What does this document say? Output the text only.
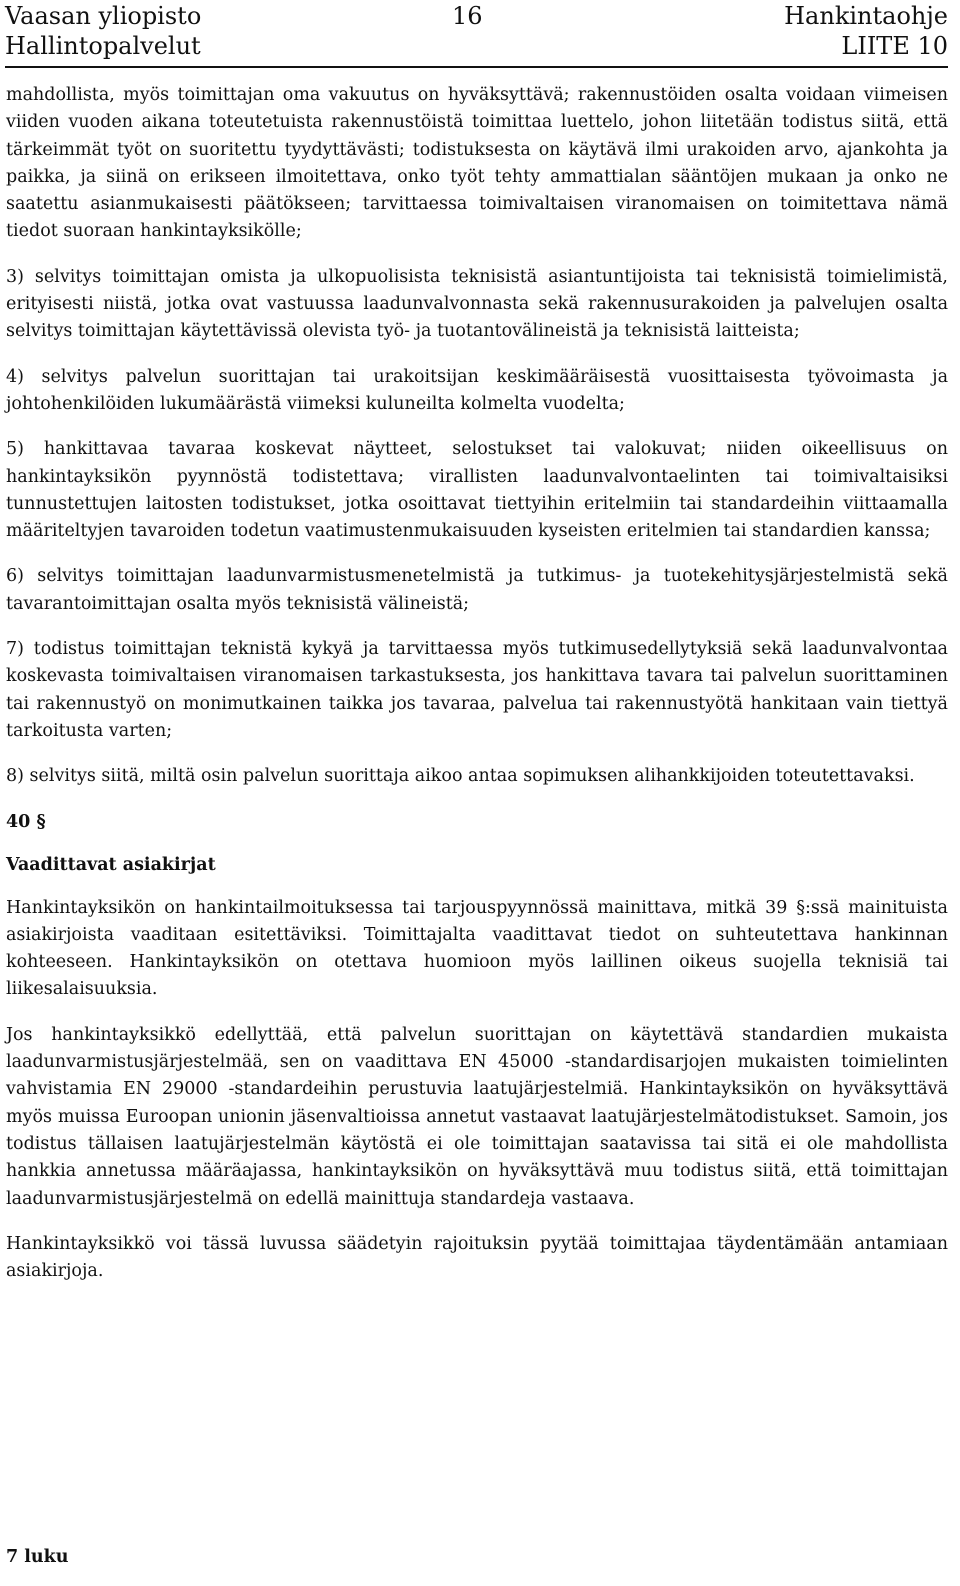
Vaasan yliopisto	16	Hankintaohje
Hallintopalvelut	LIITE 10

mahdollista, myös toimittajan oma vakuutus on hyväksyttävä; rakennustöiden osalta voidaan viimeisen viiden vuoden aikana toteutetuista rakennustöistä toimittaa luettelo, johon liitetään todistus siitä, että tärkeimmät työt on suoritettu tyydyttävästi; todistuksesta on käytävä ilmi urakoiden arvo, ajankohta ja paikka, ja siinä on erikseen ilmoitettava, onko työt tehty ammattialan sääntöjen mukaan ja onko ne saatettu asianmukaisesti päätökseen; tarvittaessa toimivaltaisen viranomaisen on toimitettava nämä tiedot suoraan hankintayksikölle;

3) selvitys toimittajan omista ja ulkopuolisista teknisistä asiantuntijoista tai teknisistä toimielimistä, erityisesti niistä, jotka ovat vastuussa laadunvalvonnasta sekä rakennusurakoiden ja palvelujen osalta selvitys toimittajan käytettävissä olevista työ- ja tuotantovälineistä ja teknisistä laitteista;

4) selvitys palvelun suorittajan tai urakoitsijan keskimääräisestä vuosittaisesta työvoimasta ja johtohenkilöiden lukumäärästä viimeksi kuluneilta kolmelta vuodelta;

5) hankittavaa tavaraa koskevat näytteet, selostukset tai valokuvat; niiden oikeellisuus on hankintayksikön pyynnöstä todistettava; virallisten laadunvalvontaelinten tai toimivaltaisiksi tunnustettujen laitosten todistukset, jotka osoittavat tiettyihin eritelmiin tai standardeihin viittaamalla määriteltyjen tavaroiden todetun vaatimustenmukaisuuden kyseisten eritelmien tai standardien kanssa;

6) selvitys toimittajan laadunvarmistusmenetelmistä ja tutkimus- ja tuotekehitysjärjestelmistä sekä tavarantoimittajan osalta myös teknisistä välineistä;

7) todistus toimittajan teknistä kykyä ja tarvittaessa myös tutkimusedellytyksiä sekä laadunvalvontaa koskevasta toimivaltaisen viranomaisen tarkastuksesta, jos hankittava tavara tai palvelun suorittaminen tai rakennustyö on monimutkainen taikka jos tavaraa, palvelua tai rakennustyötä hankitaan vain tiettyä tarkoitusta varten;

8) selvitys siitä, miltä osin palvelun suorittaja aikoo antaa sopimuksen alihankkijoiden toteutettavaksi.

40 §
Vaadittavat asiakirjat

Hankintayksikön on hankintailmoituksessa tai tarjouspyynnössä mainittava, mitkä 39 §:ssä mainituista asiakirjoista vaaditaan esitettäviksi. Toimittajalta vaadittavat tiedot on suhteutettava hankinnan kohteeseen. Hankintayksikön on otettava huomioon myös laillinen oikeus suojella teknisiä tai liikesalaisuuksia.

Jos hankintayksikkö edellyttää, että palvelun suorittajan on käytettävä standardien mukaista laadunvarmistusjärjestelmää, sen on vaadittava EN 45000 -standardisarjojen mukaisten toimielinten vahvistamia EN 29000 -standardeihin perustuvia laatujärjestelmiä. Hankintayksikön on hyväksyttävä myös muissa Euroopan unionin jäsenvaltioissa annetut vastaavat laatujärjestelmätodistukset. Samoin, jos todistus tällaisen laatujärjestelmän käytöstä ei ole toimittajan saatavissa tai sitä ei ole mahdollista hankkia annetussa määräajassa, hankintayksikön on hyväksyttävä muu todistus siitä, että toimittajan laadunvarmistusjärjestelmä on edellä mainittuja standardeja vastaava.

Hankintayksikkö voi tässä luvussa säädetyin rajoituksin pyytää toimittajaa täydentämään antamiaan asiakirjoja.

7 luku
